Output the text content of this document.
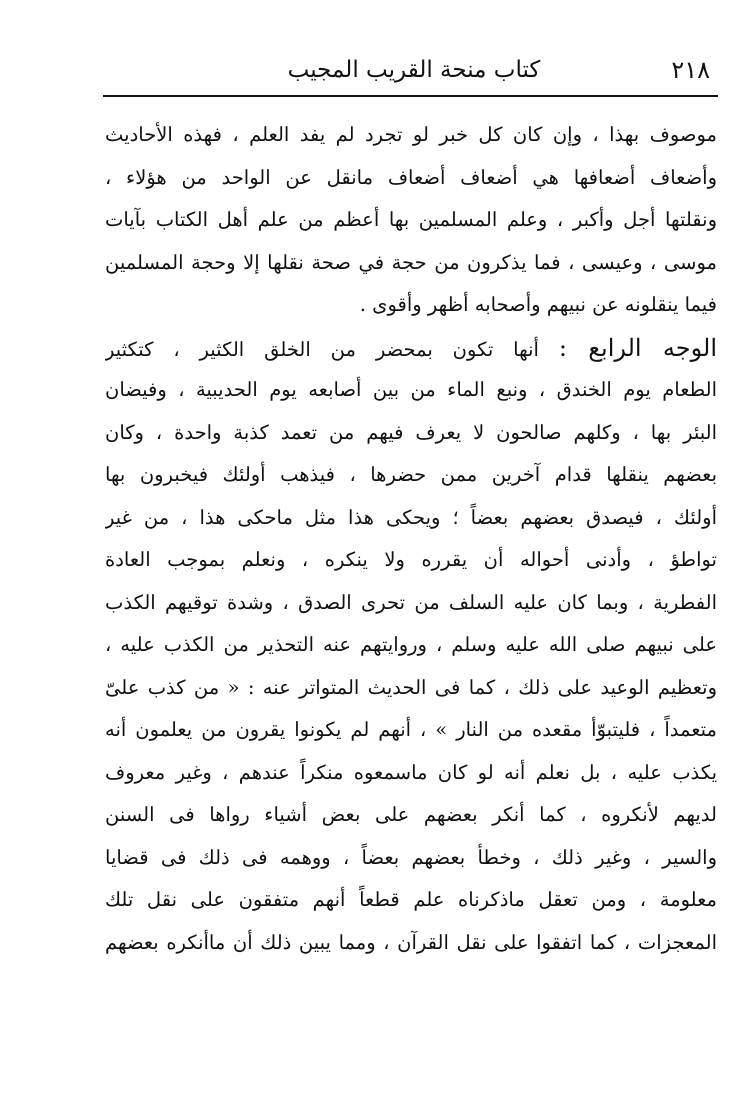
٢١٨
كتاب منحة القريب المجيب
موصوف بهذا ، وإن كان كل خبر لو تجرد لم يفد العلم ، فهذه الأحاديث
وأضعاف أضعافها هي أضعاف أضعاف مانقل عن الواحد من هؤلاء ،
ونقلتها أجل وأكبر ، وعلم المسلمين بها أعظم من علم أهل الكتاب بآيات
موسى ، وعيسى ، فما يذكرون من حجة في صحة نقلها إلا وحجة المسلمين
فيما ينقلونه عن نبيهم وأصحابه أظهر وأقوى .
الوجه الرابع : أنها تكون بمحضر من الخلق الكثير ، كتكثير
الطعام يوم الخندق ، ونبع الماء من بين أصابعه يوم الحديبية ، وفيضان
البئر بها ، وكلهم صالحون لا يعرف فيهم من تعمد كذبة واحدة ، وكان
بعضهم ينقلها قدام آخرين ممن حضرها ، فيذهب أولئك فيخبرون بها
أولئك ، فيصدق بعضهم بعضاً ؛ ويحكى هذا مثل ماحكى هذا ، من غير
تواطؤ ، وأدنى أحواله أن يقرره ولا ينكره ، ونعلم بموجب العادة
الفطرية ، وبما كان عليه السلف من تحرى الصدق ، وشدة توقيهم الكذب
على نبيهم صلى الله عليه وسلم ، وروايتهم عنه التحذير من الكذب عليه ،
وتعظيم الوعيد على ذلك ، كما فى الحديث المتواتر عنه : « من كذب علىّ
متعمداً ، فليتبوّأ مقعده من النار » ، أنهم لم يكونوا يقرون من يعلمون أنه
يكذب عليه ، بل نعلم أنه لو كان ماسمعوه منكراً عندهم ، وغير معروف
لديهم لأنكروه ، كما أنكر بعضهم على بعض أشياء رواها فى السنن
والسير ، وغير ذلك ، وخطأ بعضهم بعضاً ، ووهمه فى ذلك فى قضايا
معلومة ، ومن تعقل ماذكرناه علم قطعاً أنهم متفقون على نقل تلك
المعجزات ، كما اتفقوا على نقل القرآن ، ومما يبين ذلك أن ماأنكره بعضهم
